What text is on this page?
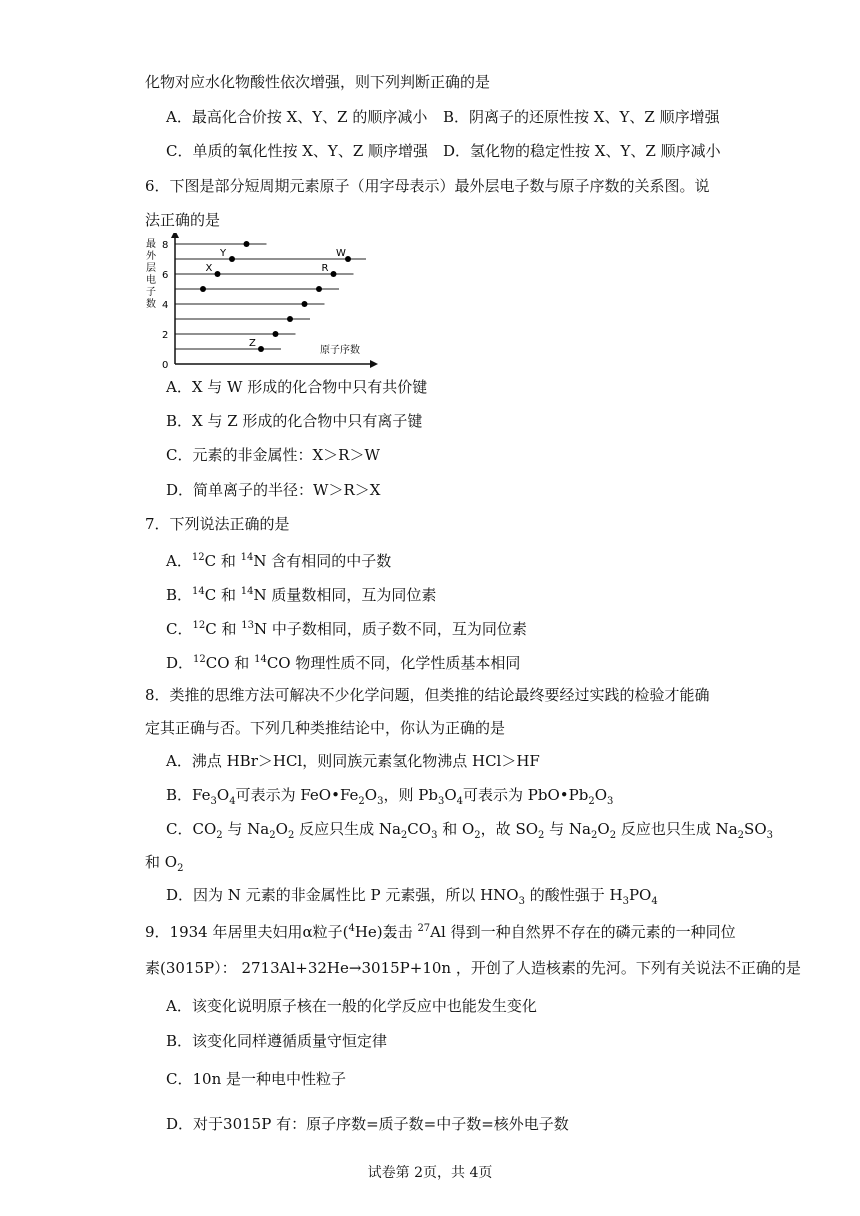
化物对应水化物酸性依次增强，则下列判断正确的是
A．最高化合价按 X、Y、Z 的顺序减小 B．阴离子的还原性按 X、Y、Z 顺序增强
C．单质的氧化性按 X、Y、Z 顺序增强 D．氢化物的稳定性按 X、Y、Z 顺序减小
6．下图是部分短周期元素原子（用字母表示）最外层电子数与原子序数的关系图。说
法正确的是
X
Y
Z
R
W
最外层电子数
原子序数
0
2
4
6
8
A．X 与 W 形成的化合物中只有共价键
B．X 与 Z 形成的化合物中只有离子键
C．元素的非金属性：X＞R＞W
D．简单离子的半径：W＞R＞X
7．下列说法正确的是
A．$^{12}$C 和 $^{14}$N 含有相同的中子数
B．$^{14}$C 和 $^{14}$N 质量数相同，互为同位素
C．$^{12}$C 和 $^{13}$N 中子数相同，质子数不同，互为同位素
D．$^{12}$CO 和 $^{14}$CO 物理性质不同，化学性质基本相同
8．类推的思维方法可解决不少化学问题，但类推的结论最终要经过实践的检验才能确
定其正确与否。下列几种类推结论中，你认为正确的是
A．沸点 HBr＞HCl，则同族元素氢化物沸点 HCl＞HF
B．$Fe_3O_4$可表示为 $FeO•Fe_2O_3$，则 $Pb_3O_4$可表示为 $PbO•Pb_2O_3$
C．$CO_2$ 与 $Na_2O_2$ 反应只生成 $Na_2CO_3$ 和 $O_2$，故 $SO_2$ 与 $Na_2O_2$ 反应也只生成 $Na_2SO_3$
和 $O_2$
D．因为 N 元素的非金属性比 P 元素强，所以 $HNO_3$ 的酸性强于 $H_3PO_4$
9．1934 年居里夫妇用α粒子($^4$He)轰击 $^{27}$Al 得到一种自然界不存在的磷元素的一种同位
素(3015P）： 2713Al+32He→3015P+10n ，开创了人造核素的先河。下列有关说法不正确的是
A．该变化说明原子核在一般的化学反应中也能发生变化
B．该变化同样遵循质量守恒定律
C．10n 是一种电中性粒子
D．对于3015P 有：原子序数=质子数=中子数=核外电子数
试卷第 2页，共 4页
